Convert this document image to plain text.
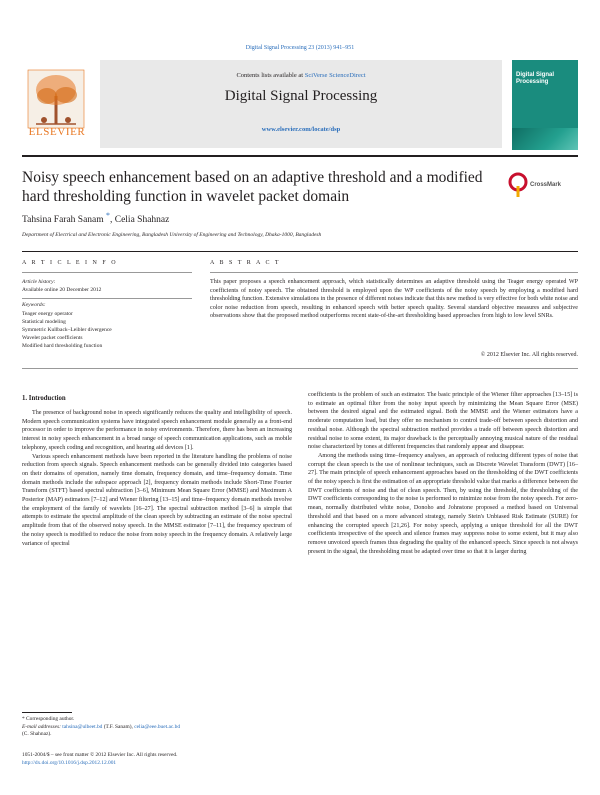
Digital Signal Processing 23 (2013) 941–951
ELSEVIER
Contents lists available at SciVerse ScienceDirect
Digital Signal Processing
www.elsevier.com/locate/dsp
Digital Signal Processing
Noisy speech enhancement based on an adaptive threshold and a modified hard thresholding function in wavelet packet domain
CrossMark
Tahsina Farah Sanam *, Celia Shahnaz
Department of Electrical and Electronic Engineering, Bangladesh University of Engineering and Technology, Dhaka-1000, Bangladesh
A R T I C L E I N F O
Article history:
Available online 20 December 2012
Keywords:
Teager energy operator
Statistical modeling
Symmetric Kullback–Leibler divergence
Wavelet packet coefficients
Modified hard thresholding function
A B S T R A C T
This paper proposes a speech enhancement approach, which statistically determines an adaptive threshold using the Teager energy operated WP coefficients of noisy speech. The obtained threshold is employed upon the WP coefficients of the noisy speech by employing a modified hard thresholding function. Extensive simulations in the presence of different noises indicate that this new method is very effective for both white noise and color noise reduction from speech, resulting in enhanced speech with better speech quality. Several standard objective measures and subjective observations show that the proposed method outperforms recent state-of-the-art thresholding based approaches from high to low level SNRs.
© 2012 Elsevier Inc. All rights reserved.
1. Introduction

The presence of background noise in speech significantly reduces the quality and intelligibility of speech. Modern speech communication systems have integrated speech enhancement module generally as a front-end processor in order to improve the performance in noisy environments. Therefore, there has been an increasing interest in noisy speech enhancement in a broad range of speech communication applications, such as mobile telephony, speech coding and recognition, and hearing aid devices [1].

Various speech enhancement methods have been reported in the literature handling the problems of noise reduction from speech signals. Speech enhancement methods can be generally divided into categories based on their domains of operation, namely time domain, frequency domain, and time–frequency domain. Time domain methods include the subspace approach [2], frequency domain methods include Short-Time Fourier Transform (STFT) based spectral subtraction [3–6], Minimum Mean Square Error (MMSE) and Maximum A Posterior (MAP) estimators [7–12] and Wiener filtering [13–15] and time–frequency domain methods involve the employment of the family of wavelets [16–27]. The spectral subtraction method [3–6] is simple that attempts to estimate the spectral amplitude of the clean speech by subtracting an estimate of the noise spectral amplitude from that of the observed noisy speech. In the MMSE estimator [7–11], the frequency spectrum of the noisy speech is modified to reduce the noise from noisy speech in the frequency domain. A relatively large variance of spectral

coefficients is the problem of such an estimator. The basic principle of the Wiener filter approaches [13–15] is to estimate an optimal filter from the noisy input speech by minimizing the Mean Square Error (MSE) between the desired signal and the estimated signal. Both the MMSE and the Wiener estimators have a moderate computation load, but they offer no mechanism to control trade-off between speech distortion and residual noise. Although the spectral subtraction method provides a trade off between speech distortion and residual noise to some extent, its major drawback is the perceptually annoying musical nature of the residual noise characterized by tones at different frequencies that randomly appear and disappear.

Among the methods using time–frequency analyses, an approach of reducing different types of noise that corrupt the clean speech is the use of nonlinear techniques, such as Discrete Wavelet Transform (DWT) [16–27]. The main principle of speech enhancement approaches based on the thresholding of the DWT coefficients of the noisy speech is first the estimation of an appropriate threshold value that marks a difference between the DWT coefficients of noise and that of clean speech. Then, by using the threshold, the thresholding of the DWT coefficients corresponding to the noise is performed to minimize noise from the noisy speech. For zero-mean, normally distributed white noise, Donoho and Johnstone proposed a method based on Universal threshold and that based on a more advanced strategy, namely Stein's Unbiased Risk Estimate (SURE) for enhancing the corrupted speech [21,26]. For noisy speech, applying a unique threshold for all the DWT coefficients irrespective of the speech and silence frames may suppress noise to some extent, but it may also remove unvoiced speech frames thus degrading the quality of the enhanced speech. Since speech is not always present in the signal, the thresholding must be adapted over time so that it is larger during

* Corresponding author.
E-mail addresses: tahsina@ulbeet.bd (T.F. Sanam), celia@eee.buet.ac.bd
(C. Shahnaz).
1051-2004/$ – see front matter © 2012 Elsevier Inc. All rights reserved.
http://dx.doi.org/10.1016/j.dsp.2012.12.001
